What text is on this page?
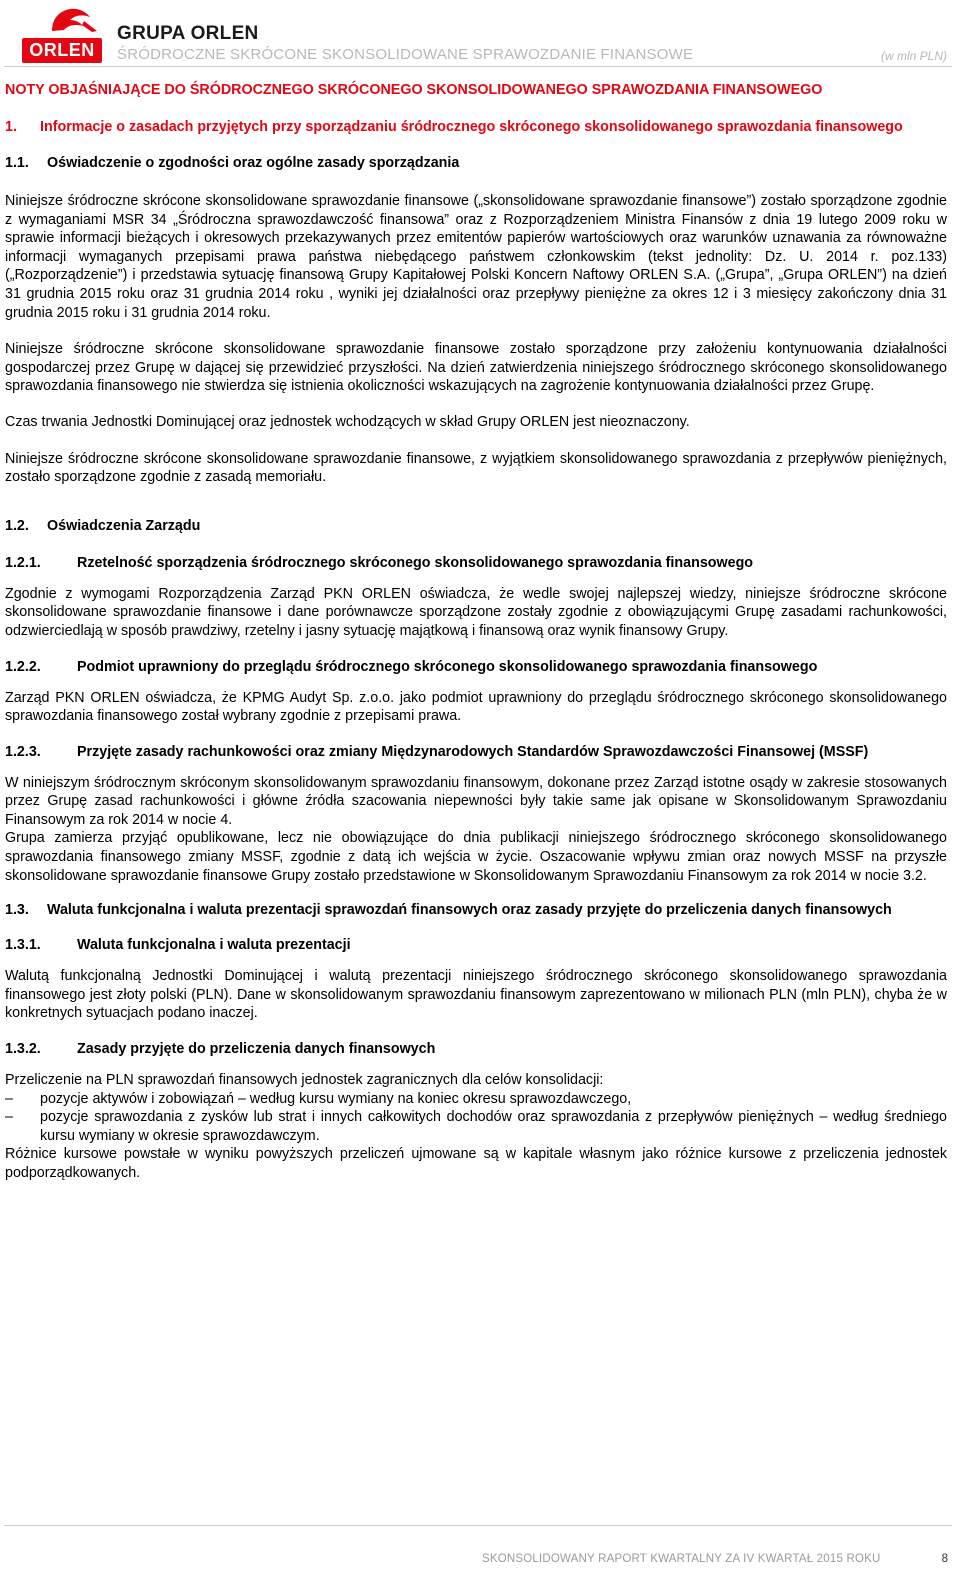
ORLEN
GRUPA ORLEN
ŚRÓDROCZNE SKRÓCONE SKONSOLIDOWANE SPRAWOZDANIE FINANSOWE	(w mln PLN)
NOTY OBJAŚNIAJĄCE DO ŚRÓDROCZNEGO SKRÓCONEGO SKONSOLIDOWANEGO SPRAWOZDANIA FINANSOWEGO
1.	Informacje o zasadach przyjętych przy sporządzaniu śródrocznego skróconego skonsolidowanego sprawozdania finansowego
1.1.	Oświadczenie o zgodności oraz ogólne zasady sporządzania

Niniejsze śródroczne skrócone skonsolidowane sprawozdanie finansowe („skonsolidowane sprawozdanie finansowe”) zostało sporządzone zgodnie z wymaganiami MSR 34 „Śródroczna sprawozdawczość finansowa” oraz z Rozporządzeniem Ministra Finansów z dnia 19 lutego 2009 roku w sprawie informacji bieżących i okresowych przekazywanych przez emitentów papierów wartościowych oraz warunków uznawania za równoważne informacji wymaganych przepisami prawa państwa niebędącego państwem członkowskim (tekst jednolity: Dz. U. 2014 r. poz.133) („Rozporządzenie”) i przedstawia sytuację finansową Grupy Kapitałowej Polski Koncern Naftowy ORLEN S.A. („Grupa”, „Grupa ORLEN”) na dzień 31 grudnia 2015 roku oraz 31 grudnia 2014 roku , wyniki jej działalności oraz przepływy pieniężne za okres 12 i 3 miesięcy zakończony dnia 31 grudnia 2015 roku i 31 grudnia 2014 roku.

Niniejsze śródroczne skrócone skonsolidowane sprawozdanie finansowe zostało sporządzone przy założeniu kontynuowania działalności gospodarczej przez Grupę w dającej się przewidzieć przyszłości. Na dzień zatwierdzenia niniejszego śródrocznego skróconego skonsolidowanego sprawozdania finansowego nie stwierdza się istnienia okoliczności wskazujących na zagrożenie kontynuowania działalności przez Grupę.

Czas trwania Jednostki Dominującej oraz jednostek wchodzących w skład Grupy ORLEN jest nieoznaczony.

Niniejsze śródroczne skrócone skonsolidowane sprawozdanie finansowe, z wyjątkiem skonsolidowanego sprawozdania z przepływów pieniężnych, zostało sporządzone zgodnie z zasadą memoriału.

1.2.	Oświadczenia Zarządu
1.2.1.	Rzetelność sporządzenia śródrocznego skróconego skonsolidowanego sprawozdania finansowego

Zgodnie z wymogami Rozporządzenia Zarząd PKN ORLEN oświadcza, że wedle swojej najlepszej wiedzy, niniejsze śródroczne skrócone skonsolidowane sprawozdanie finansowe i dane porównawcze sporządzone zostały zgodnie z obowiązującymi Grupę zasadami rachunkowości, odzwierciedlają w sposób prawdziwy, rzetelny i jasny sytuację majątkową i finansową oraz wynik finansowy Grupy.

1.2.2.	Podmiot uprawniony do przeglądu śródrocznego skróconego skonsolidowanego sprawozdania finansowego

Zarząd PKN ORLEN oświadcza, że KPMG Audyt Sp. z.o.o. jako podmiot uprawniony do przeglądu śródrocznego skróconego skonsolidowanego sprawozdania finansowego został wybrany zgodnie z przepisami prawa.

1.2.3.	Przyjęte zasady rachunkowości oraz zmiany Międzynarodowych Standardów Sprawozdawczości Finansowej (MSSF)

W niniejszym śródrocznym skróconym skonsolidowanym sprawozdaniu finansowym, dokonane przez Zarząd istotne osądy w zakresie stosowanych przez Grupę zasad rachunkowości i główne źródła szacowania niepewności były takie same jak opisane w Skonsolidowanym Sprawozdaniu Finansowym za rok 2014 w nocie 4.

Grupa zamierza przyjąć opublikowane, lecz nie obowiązujące do dnia publikacji niniejszego śródrocznego skróconego skonsolidowanego sprawozdania finansowego zmiany MSSF, zgodnie z datą ich wejścia w życie. Oszacowanie wpływu zmian oraz nowych MSSF na przyszłe skonsolidowane sprawozdanie finansowe Grupy zostało przedstawione w Skonsolidowanym Sprawozdaniu Finansowym za rok 2014 w nocie 3.2.

1.3.	Waluta funkcjonalna i waluta prezentacji sprawozdań finansowych oraz zasady przyjęte do przeliczenia danych finansowych
1.3.1.	Waluta funkcjonalna i waluta prezentacji

Walutą funkcjonalną Jednostki Dominującej i walutą prezentacji niniejszego śródrocznego skróconego skonsolidowanego sprawozdania finansowego jest złoty polski (PLN). Dane w skonsolidowanym sprawozdaniu finansowym zaprezentowano w milionach PLN (mln PLN), chyba że w konkretnych sytuacjach podano inaczej.

1.3.2.	Zasady przyjęte do przeliczenia danych finansowych

Przeliczenie na PLN sprawozdań finansowych jednostek zagranicznych dla celów konsolidacji:

– pozycje aktywów i zobowiązań – według kursu wymiany na koniec okresu sprawozdawczego,
– pozycje sprawozdania z zysków lub strat i innych całkowitych dochodów oraz sprawozdania z przepływów pieniężnych – według średniego kursu wymiany w okresie sprawozdawczym.

Różnice kursowe powstałe w wyniku powyższych przeliczeń ujmowane są w kapitale własnym jako różnice kursowe z przeliczenia jednostek podporządkowanych.

SKONSOLIDOWANY RAPORT KWARTALNY ZA IV KWARTAŁ 2015 ROKU	8
